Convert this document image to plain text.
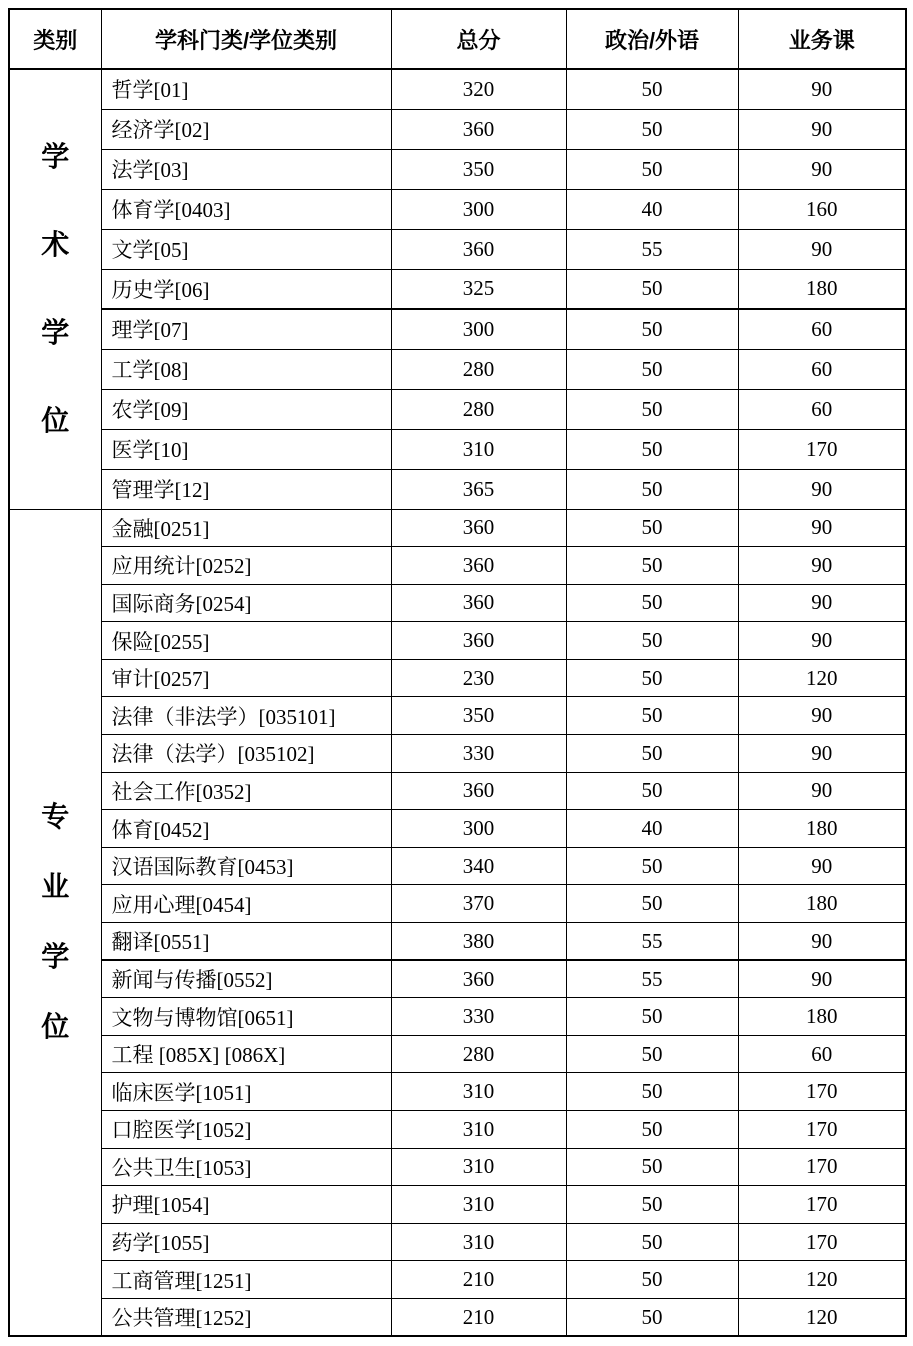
类别	学科门类/学位类别	总分	政治/外语	业务课

学
术
学
位	哲学[01]	320	50	90
	经济学[02]	360	50	90
	法学[03]	350	50	90
	体育学[0403]	300	40	160
	文学[05]	360	55	90
	历史学[06]	325	50	180
	理学[07]	300	50	60
	工学[08]	280	50	60
	农学[09]	280	50	60
	医学[10]	310	50	170
	管理学[12]	365	50	90

专
业
学
位	金融[0251]	360	50	90
	应用统计[0252]	360	50	90
	国际商务[0254]	360	50	90
	保险[0255]	360	50	90
	审计[0257]	230	50	120
	法律（非法学）[035101]	350	50	90
	法律（法学）[035102]	330	50	90
	社会工作[0352]	360	50	90
	体育[0452]	300	40	180
	汉语国际教育[0453]	340	50	90
	应用心理[0454]	370	50	180
	翻译[0551]	380	55	90
	新闻与传播[0552]	360	55	90
	文物与博物馆[0651]	330	50	180
	工程 [085X] [086X]	280	50	60
	临床医学[1051]	310	50	170
	口腔医学[1052]	310	50	170
	公共卫生[1053]	310	50	170
	护理[1054]	310	50	170
	药学[1055]	310	50	170
	工商管理[1251]	210	50	120
	公共管理[1252]	210	50	120
